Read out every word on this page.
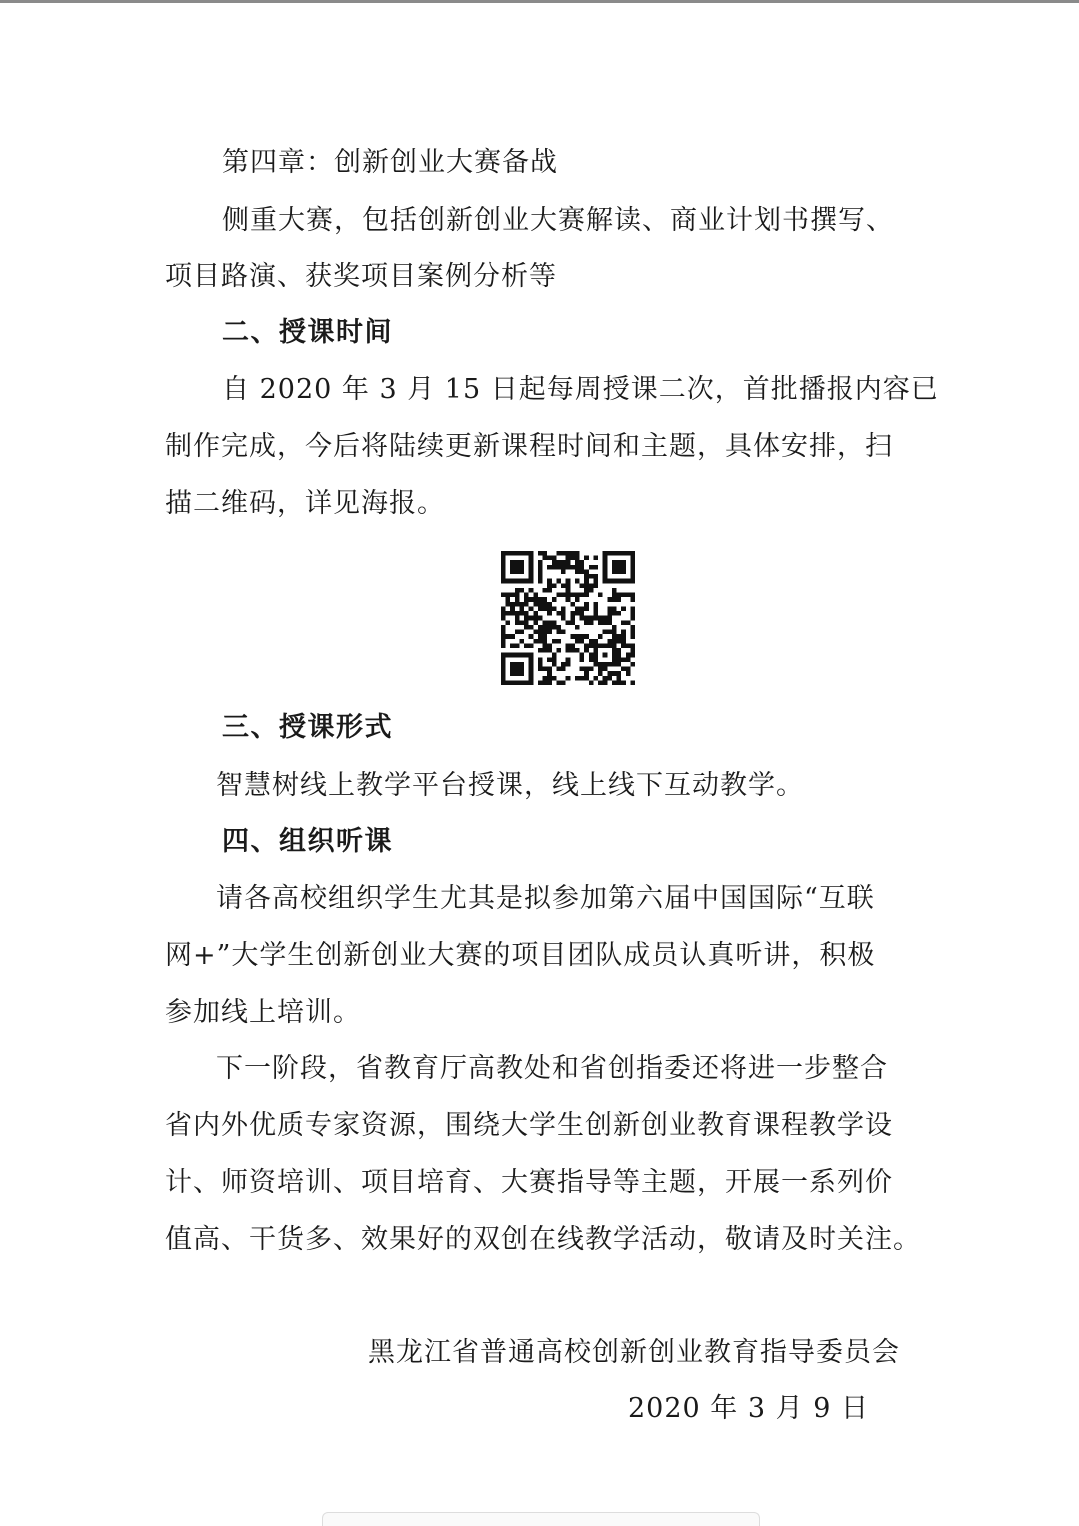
第四章：创新创业大赛备战
侧重大赛，包括创新创业大赛解读、商业计划书撰写、
项目路演、获奖项目案例分析等
二、授课时间
自 2020 年 3 月 15 日起每周授课二次，首批播报内容已
制作完成，今后将陆续更新课程时间和主题，具体安排，扫
描二维码，详见海报。
三、授课形式
智慧树线上教学平台授课，线上线下互动教学。
四、组织听课
请各高校组织学生尤其是拟参加第六届中国国际“互联
网+”大学生创新创业大赛的项目团队成员认真听讲，积极
参加线上培训。
下一阶段，省教育厅高教处和省创指委还将进一步整合
省内外优质专家资源，围绕大学生创新创业教育课程教学设
计、师资培训、项目培育、大赛指导等主题，开展一系列价
值高、干货多、效果好的双创在线教学活动，敬请及时关注。
黑龙江省普通高校创新创业教育指导委员会
2020 年 3 月 9 日
